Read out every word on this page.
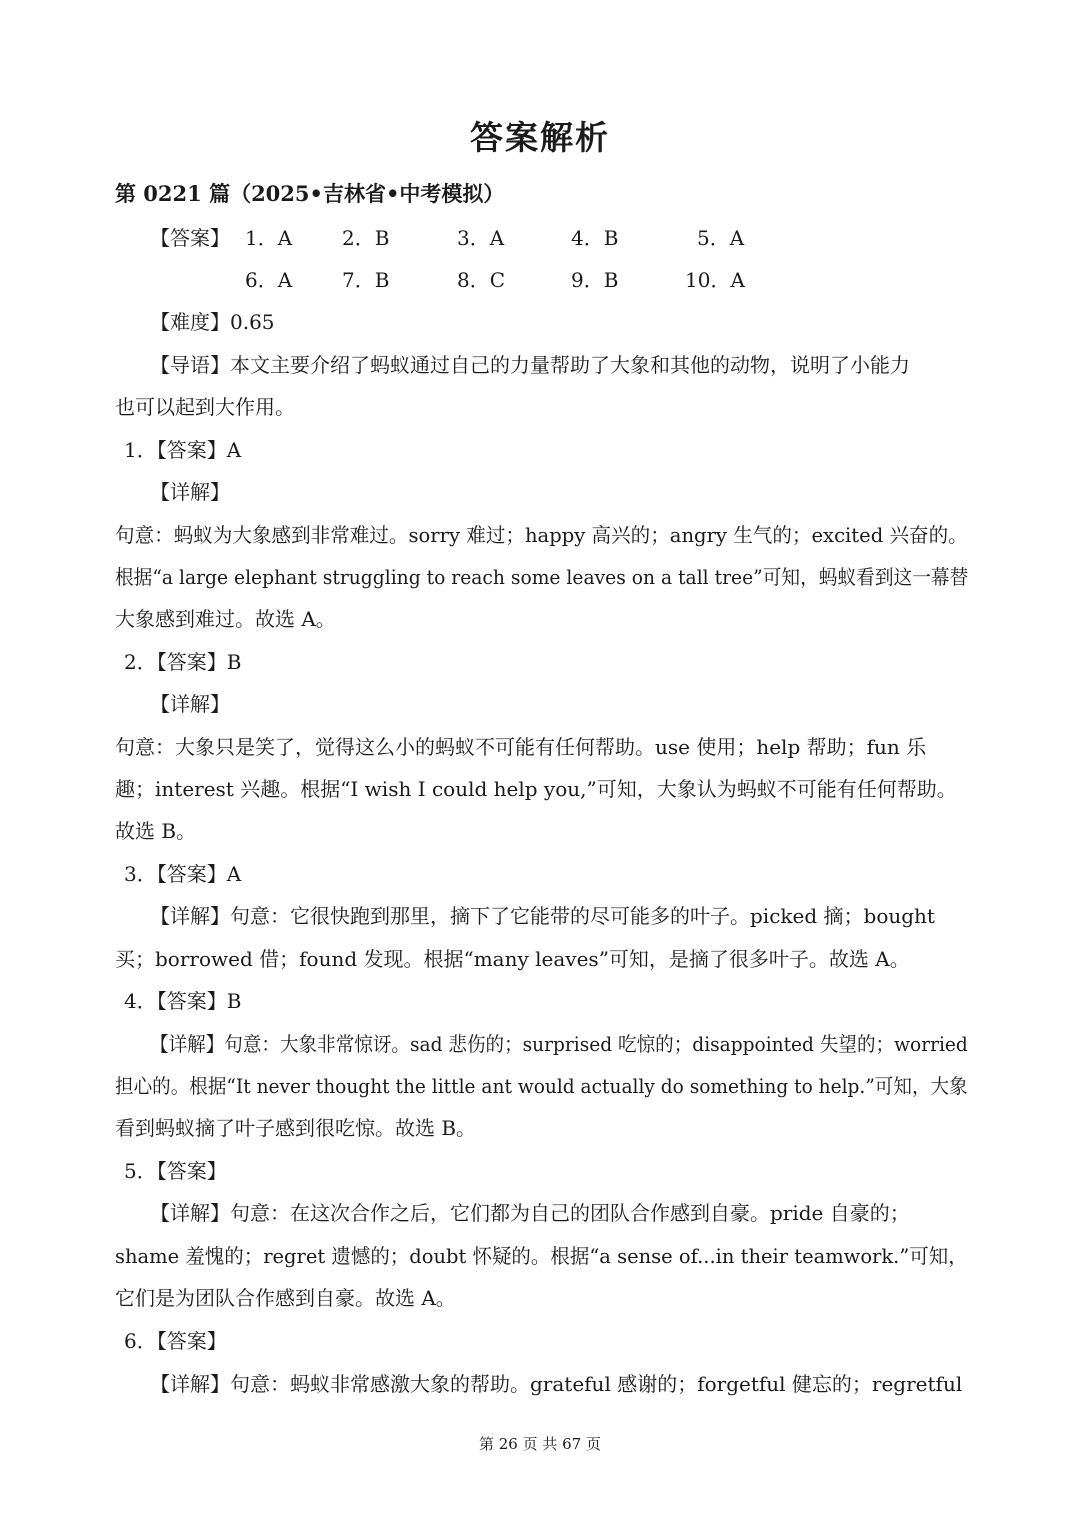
答案解析
第 0221 篇（2025•吉林省•中考模拟）
【答案】 1．A 2．B	3．A	4．B	5．A
6．A 7．B	8．C	9．B	10．A
【难度】0.65
【导语】本文主要介绍了蚂蚁通过自己的力量帮助了大象和其他的动物，说明了小能力
也可以起到大作用。
1．【答案】A
【详解】
句意：蚂蚁为大象感到非常难过。sorry 难过；happy 高兴的；angry 生气的；excited 兴奋的。
根据“a large elephant struggling to reach some leaves on a tall tree”可知，蚂蚁看到这一幕替
大象感到难过。故选 A。
2．【答案】B
【详解】
句意：大象只是笑了，觉得这么小的蚂蚁不可能有任何帮助。use 使用；help 帮助；fun 乐
趣；interest 兴趣。根据“I wish I could help you,”可知，大象认为蚂蚁不可能有任何帮助。
故选 B。
3．【答案】A
【详解】句意：它很快跑到那里，摘下了它能带的尽可能多的叶子。picked 摘；bought
买；borrowed 借；found 发现。根据“many leaves”可知，是摘了很多叶子。故选 A。
4．【答案】B
【详解】句意：大象非常惊讶。sad 悲伤的；surprised 吃惊的；disappointed 失望的；worried
担心的。根据“It never thought the little ant would actually do something to help.”可知，大象
看到蚂蚁摘了叶子感到很吃惊。故选 B。
5．【答案】
【详解】句意：在这次合作之后，它们都为自己的团队合作感到自豪。pride 自豪的；
shame 羞愧的；regret 遗憾的；doubt 怀疑的。根据“a sense of...in their teamwork.”可知，
它们是为团队合作感到自豪。故选 A。
6．【答案】
【详解】句意：蚂蚁非常感激大象的帮助。grateful 感谢的；forgetful 健忘的；regretful
第 26 页 共 67 页
